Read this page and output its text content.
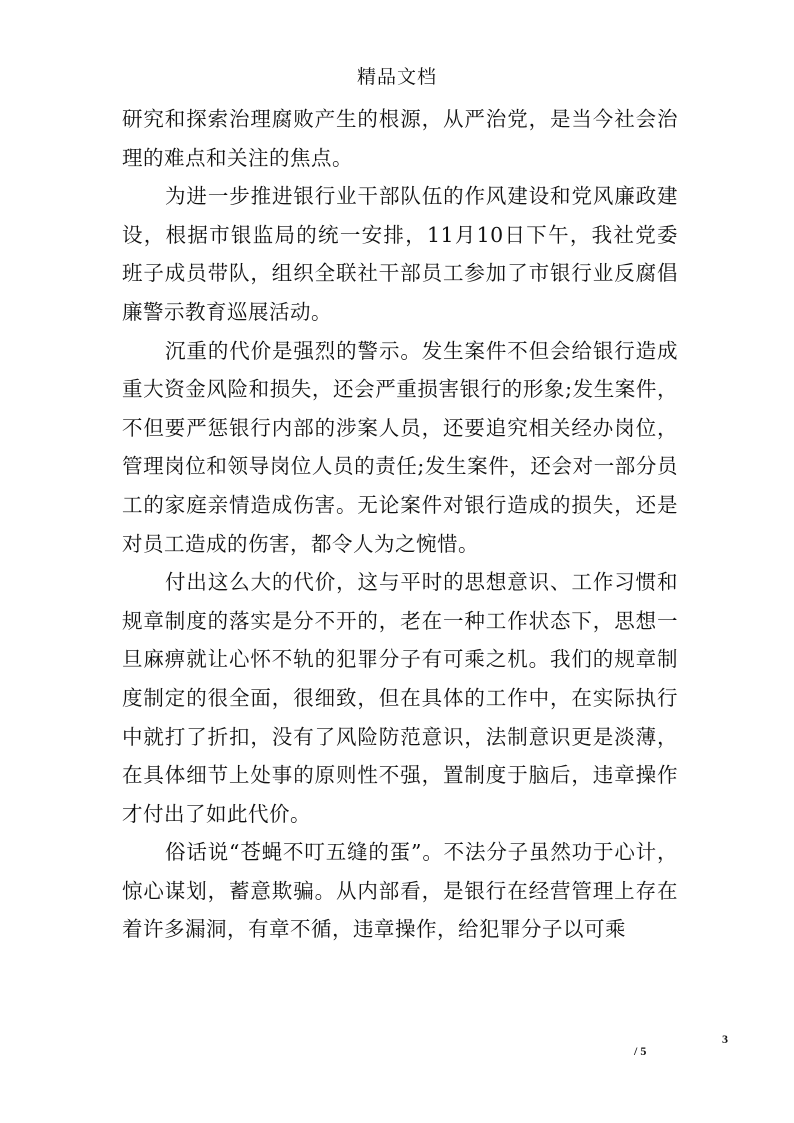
精品文档

研究和探索治理腐败产生的根源，从严治党，是当今社会治理的难点和关注的焦点。

为进一步推进银行业干部队伍的作风建设和党风廉政建设，根据市银监局的统一安排，11月10日下午，我社党委班子成员带队，组织全联社干部员工参加了市银行业反腐倡廉警示教育巡展活动。

沉重的代价是强烈的警示。发生案件不但会给银行造成重大资金风险和损失，还会严重损害银行的形象;发生案件，不但要严惩银行内部的涉案人员，还要追究相关经办岗位，管理岗位和领导岗位人员的责任;发生案件，还会对一部分员工的家庭亲情造成伤害。无论案件对银行造成的损失，还是对员工造成的伤害，都令人为之惋惜。

付出这么大的代价，这与平时的思想意识、工作习惯和规章制度的落实是分不开的，老在一种工作状态下，思想一旦麻痹就让心怀不轨的犯罪分子有可乘之机。我们的规章制度制定的很全面，很细致，但在具体的工作中，在实际执行中就打了折扣，没有了风险防范意识，法制意识更是淡薄，在具体细节上处事的原则性不强，置制度于脑后，违章操作才付出了如此代价。

俗话说“苍蝇不叮五缝的蛋”。不法分子虽然功于心计，惊心谋划，蓄意欺骗。从内部看，是银行在经营管理上存在着许多漏洞，有章不循，违章操作，给犯罪分子以可乘

3
/ 5
